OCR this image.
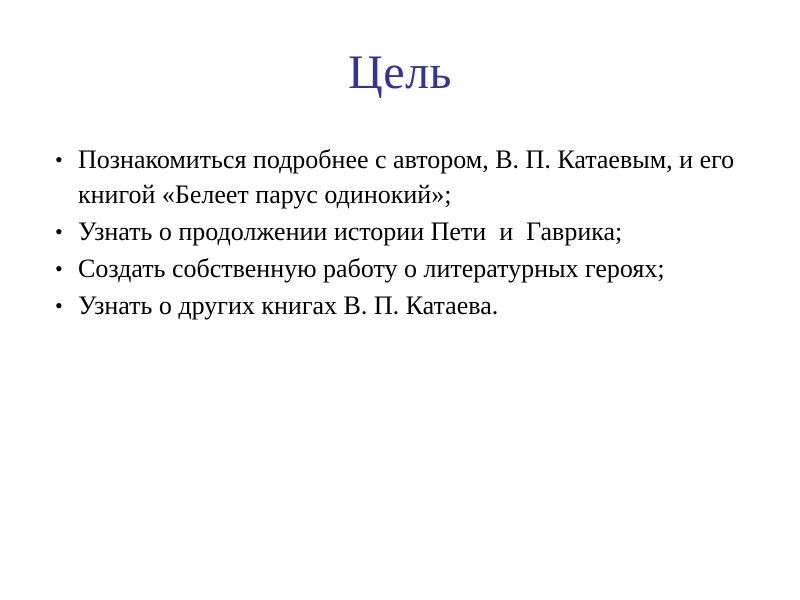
Цель
• Познакомиться подробнее с автором, В. П. Катаевым, и его книгой «Белеет парус одинокий»;
• Узнать о продолжении истории Пети  и  Гаврика;
• Создать собственную работу о литературных героях;
• Узнать о других книгах В. П. Катаева.
